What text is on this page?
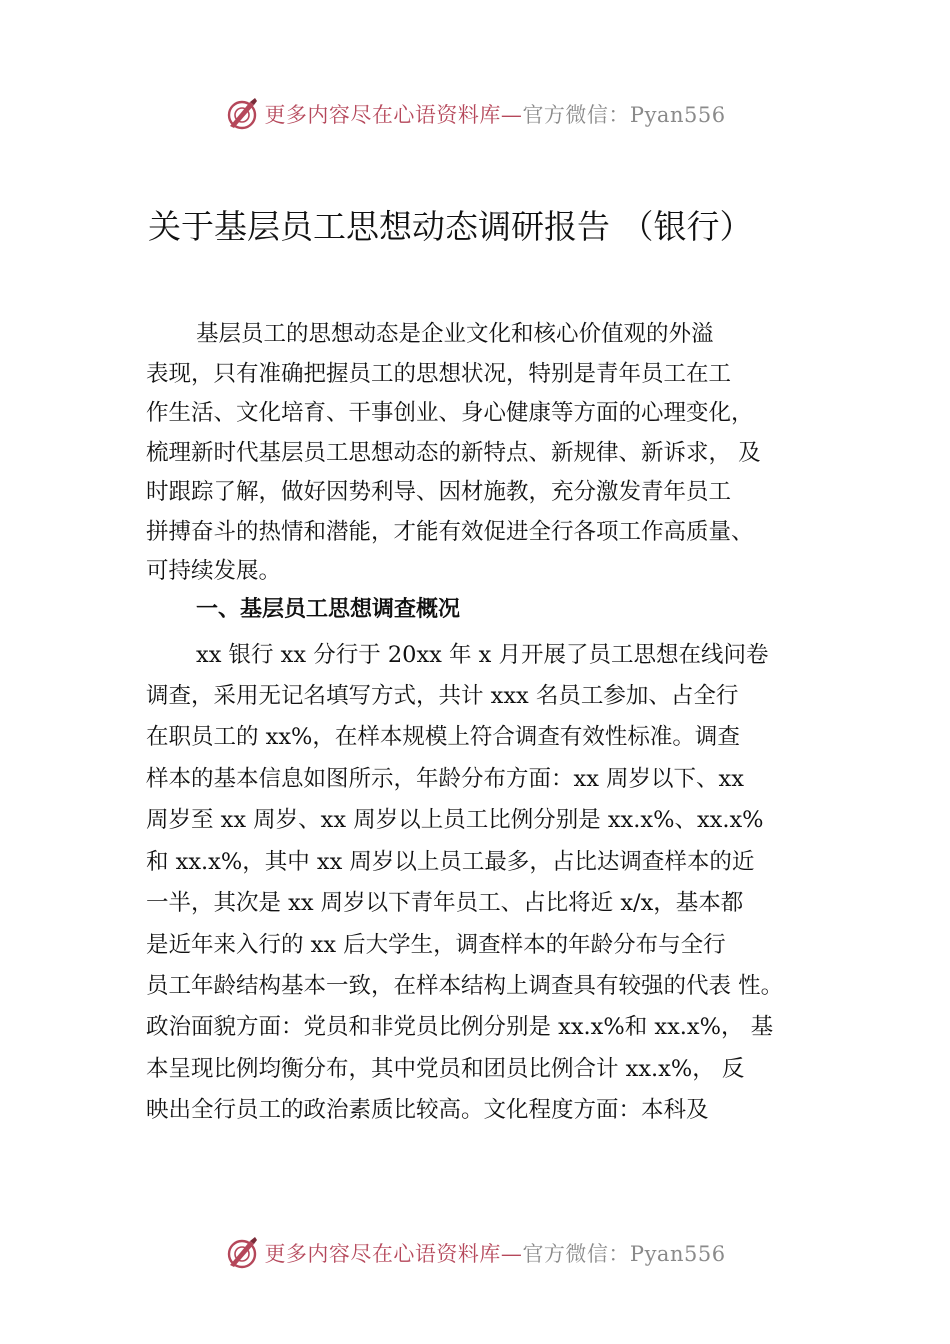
更多内容尽在心语资料库—官方微信：Pyan556
关于基层员工思想动态调研报告 （银行）
基层员工的思想动态是企业文化和核心价值观的外溢
表现，只有准确把握员工的思想状况，特别是青年员工在工
作生活、文化培育、干事创业、身心健康等方面的心理变化，
梳理新时代基层员工思想动态的新特点、新规律、新诉求， 及
时跟踪了解，做好因势利导、因材施教，充分激发青年员工
拼搏奋斗的热情和潜能，才能有效促进全行各项工作高质量、
可持续发展。
一、基层员工思想调查概况
xx 银行 xx 分行于 20xx 年 x 月开展了员工思想在线问卷
调查，采用无记名填写方式，共计 xxx 名员工参加、占全行
在职员工的 xx%，在样本规模上符合调查有效性标准。调查
样本的基本信息如图所示，年龄分布方面：xx 周岁以下、xx
周岁至 xx 周岁、xx 周岁以上员工比例分别是 xx.x%、xx.x%
和 xx.x%，其中 xx 周岁以上员工最多，占比达调查样本的近
一半，其次是 xx 周岁以下青年员工、占比将近 x/x，基本都
是近年来入行的 xx 后大学生，调查样本的年龄分布与全行
员工年龄结构基本一致，在样本结构上调查具有较强的代表 性。
政治面貌方面：党员和非党员比例分别是 xx.x%和 xx.x%， 基
本呈现比例均衡分布，其中党员和团员比例合计 xx.x%， 反
映出全行员工的政治素质比较高。文化程度方面：本科及
更多内容尽在心语资料库—官方微信：Pyan556
